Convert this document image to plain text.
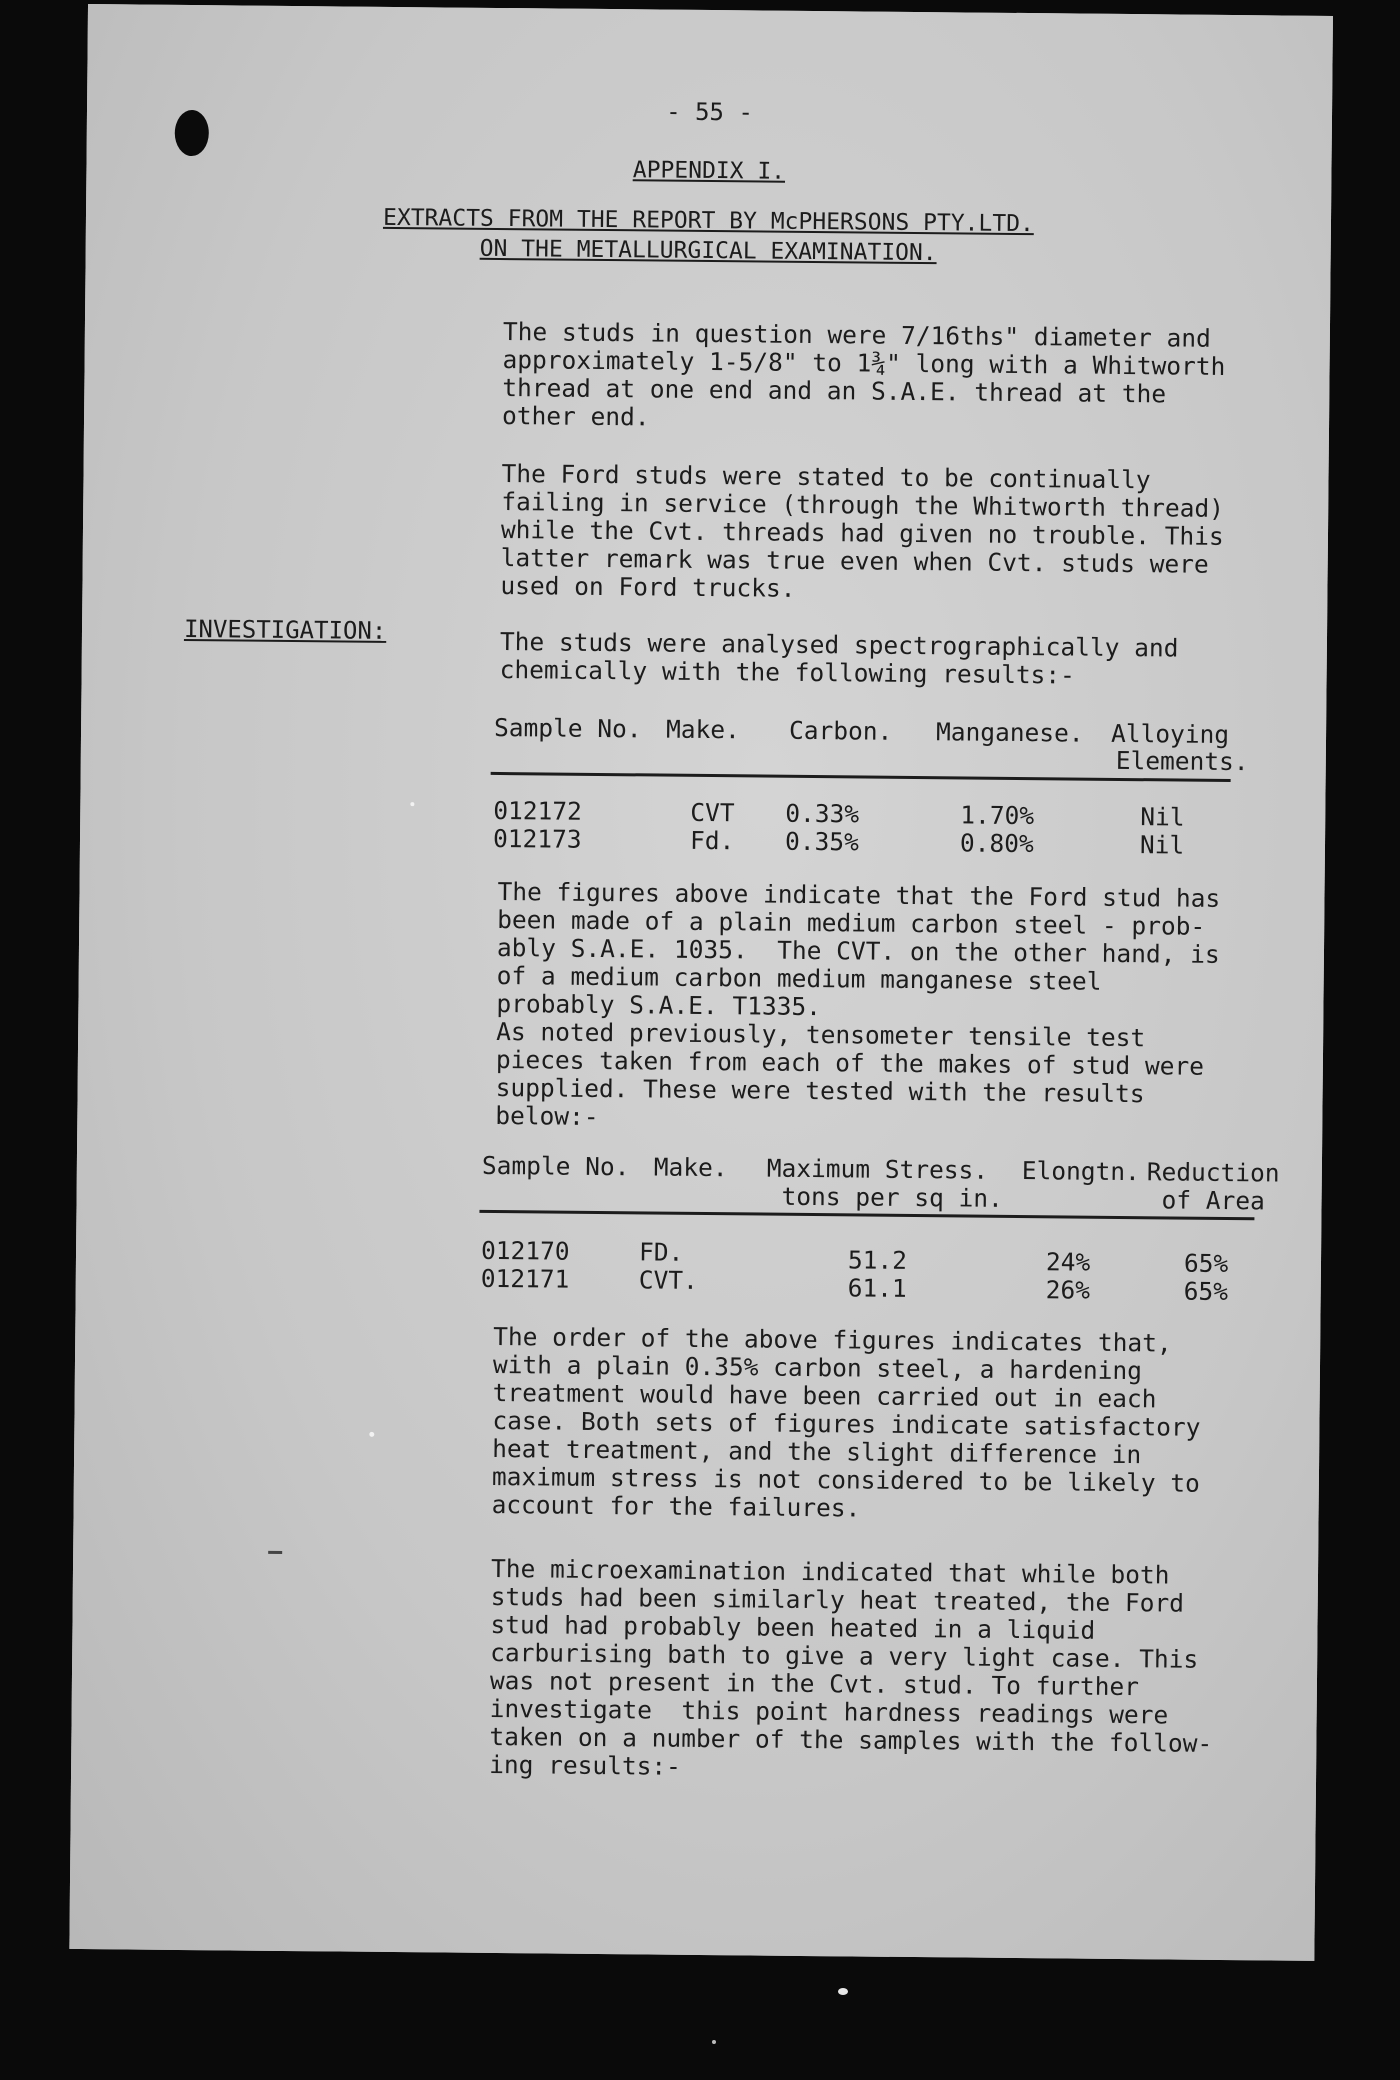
- 55 -
APPENDIX I.
EXTRACTS FROM THE REPORT BY McPHERSONS PTY.LTD.
ON THE METALLURGICAL EXAMINATION.
The studs in question were 7/16ths" diameter and
approximately 1-5/8" to 1¾" long with a Whitworth
thread at one end and an S.A.E. thread at the
other end.
The Ford studs were stated to be continually
failing in service (through the Whitworth thread)
while the Cvt. threads had given no trouble. This
latter remark was true even when Cvt. studs were
used on Ford trucks.
INVESTIGATION:	The studs were analysed spectrographically and
chemically with the following results:-
Sample No. Make. Carbon. Manganese. Alloying
Elements.
012172	CVT 0.33%	1.70%	Nil
012173	Fd. 0.35%	0.80%	Nil
The figures above indicate that the Ford stud has
been made of a plain medium carbon steel - prob-
ably S.A.E. 1035.  The CVT. on the other hand, is
of a medium carbon medium manganese steel
probably S.A.E. T1335.
As noted previously, tensometer tensile test
pieces taken from each of the makes of stud were
supplied. These were tested with the results
below:-
Sample No. Make. Maximum Stress.
tons per sq in.
Elongtn. Reduction
of Area
012170	FD.	51.2	24%	65%
012171	CVT.	61.1	26%	65%
The order of the above figures indicates that,
with a plain 0.35% carbon steel, a hardening
treatment would have been carried out in each
case. Both sets of figures indicate satisfactory
heat treatment, and the slight difference in
maximum stress is not considered to be likely to
account for the failures.
The microexamination indicated that while both
studs had been similarly heat treated, the Ford
stud had probably been heated in a liquid
carburising bath to give a very light case. This
was not present in the Cvt. stud. To further
investigate  this point hardness readings were
taken on a number of the samples with the follow-
ing results:-
